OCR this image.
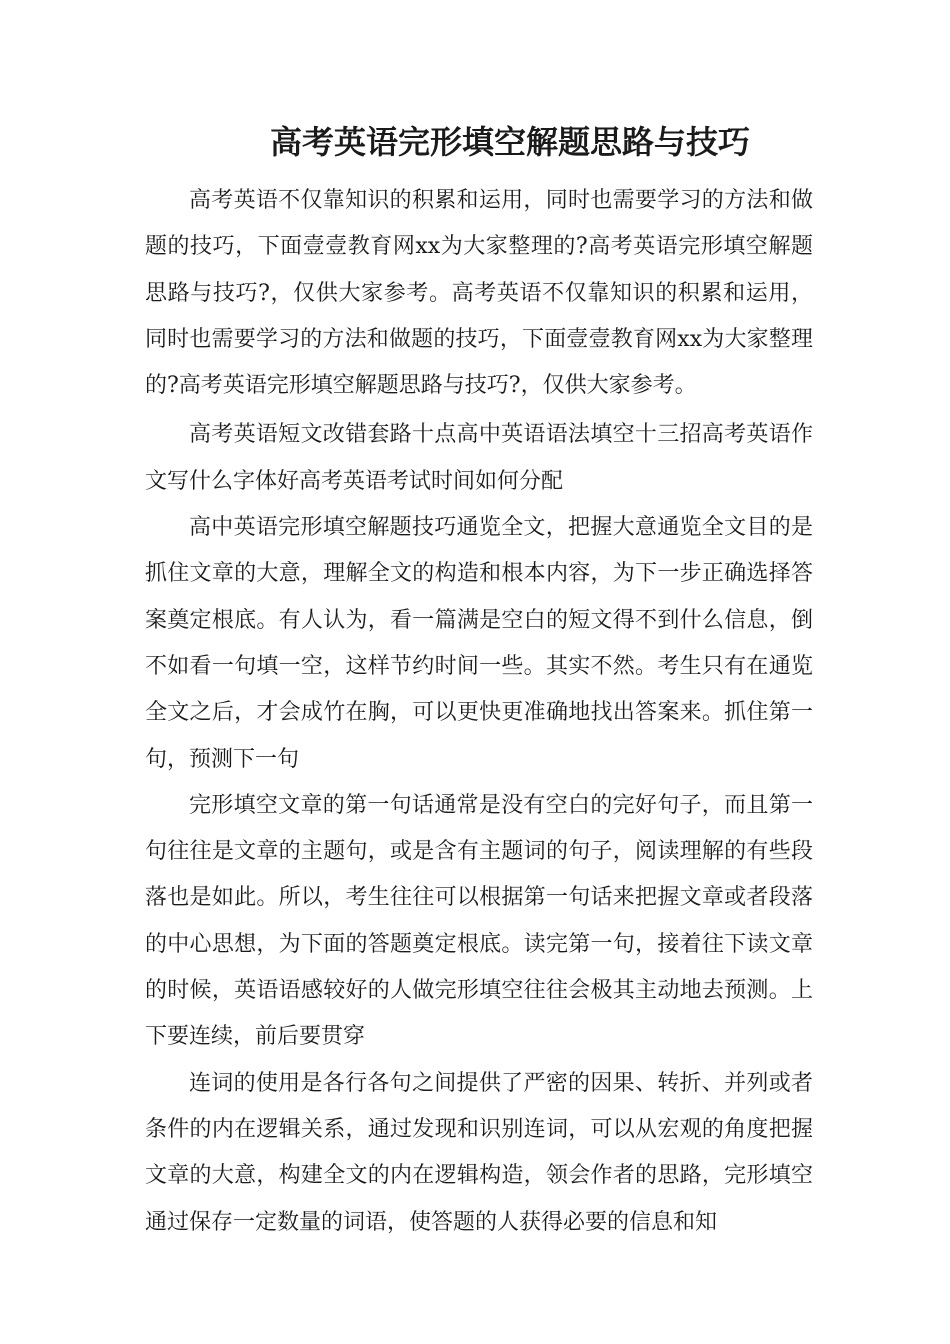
高考英语完形填空解题思路与技巧

高考英语不仅靠知识的积累和运用，同时也需要学习的方法和做题的技巧，下面壹壹教育网xx为大家整理的?高考英语完形填空解题思路与技巧?，仅供大家参考。高考英语不仅靠知识的积累和运用，同时也需要学习的方法和做题的技巧，下面壹壹教育网xx为大家整理的?高考英语完形填空解题思路与技巧?，仅供大家参考。

高考英语短文改错套路十点高中英语语法填空十三招高考英语作文写什么字体好高考英语考试时间如何分配

高中英语完形填空解题技巧通览全文，把握大意通览全文目的是抓住文章的大意，理解全文的构造和根本内容，为下一步正确选择答案奠定根底。有人认为，看一篇满是空白的短文得不到什么信息，倒不如看一句填一空，这样节约时间一些。其实不然。考生只有在通览全文之后，才会成竹在胸，可以更快更准确地找出答案来。抓住第一句，预测下一句

完形填空文章的第一句话通常是没有空白的完好句子，而且第一句往往是文章的主题句，或是含有主题词的句子，阅读理解的有些段落也是如此。所以，考生往往可以根据第一句话来把握文章或者段落的中心思想，为下面的答题奠定根底。读完第一句，接着往下读文章的时候，英语语感较好的人做完形填空往往会极其主动地去预测。上下要连续，前后要贯穿

连词的使用是各行各句之间提供了严密的因果、转折、并列或者条件的内在逻辑关系，通过发现和识别连词，可以从宏观的角度把握文章的大意，构建全文的内在逻辑构造，领会作者的思路，完形填空通过保存一定数量的词语，使答题的人获得必要的信息和知
